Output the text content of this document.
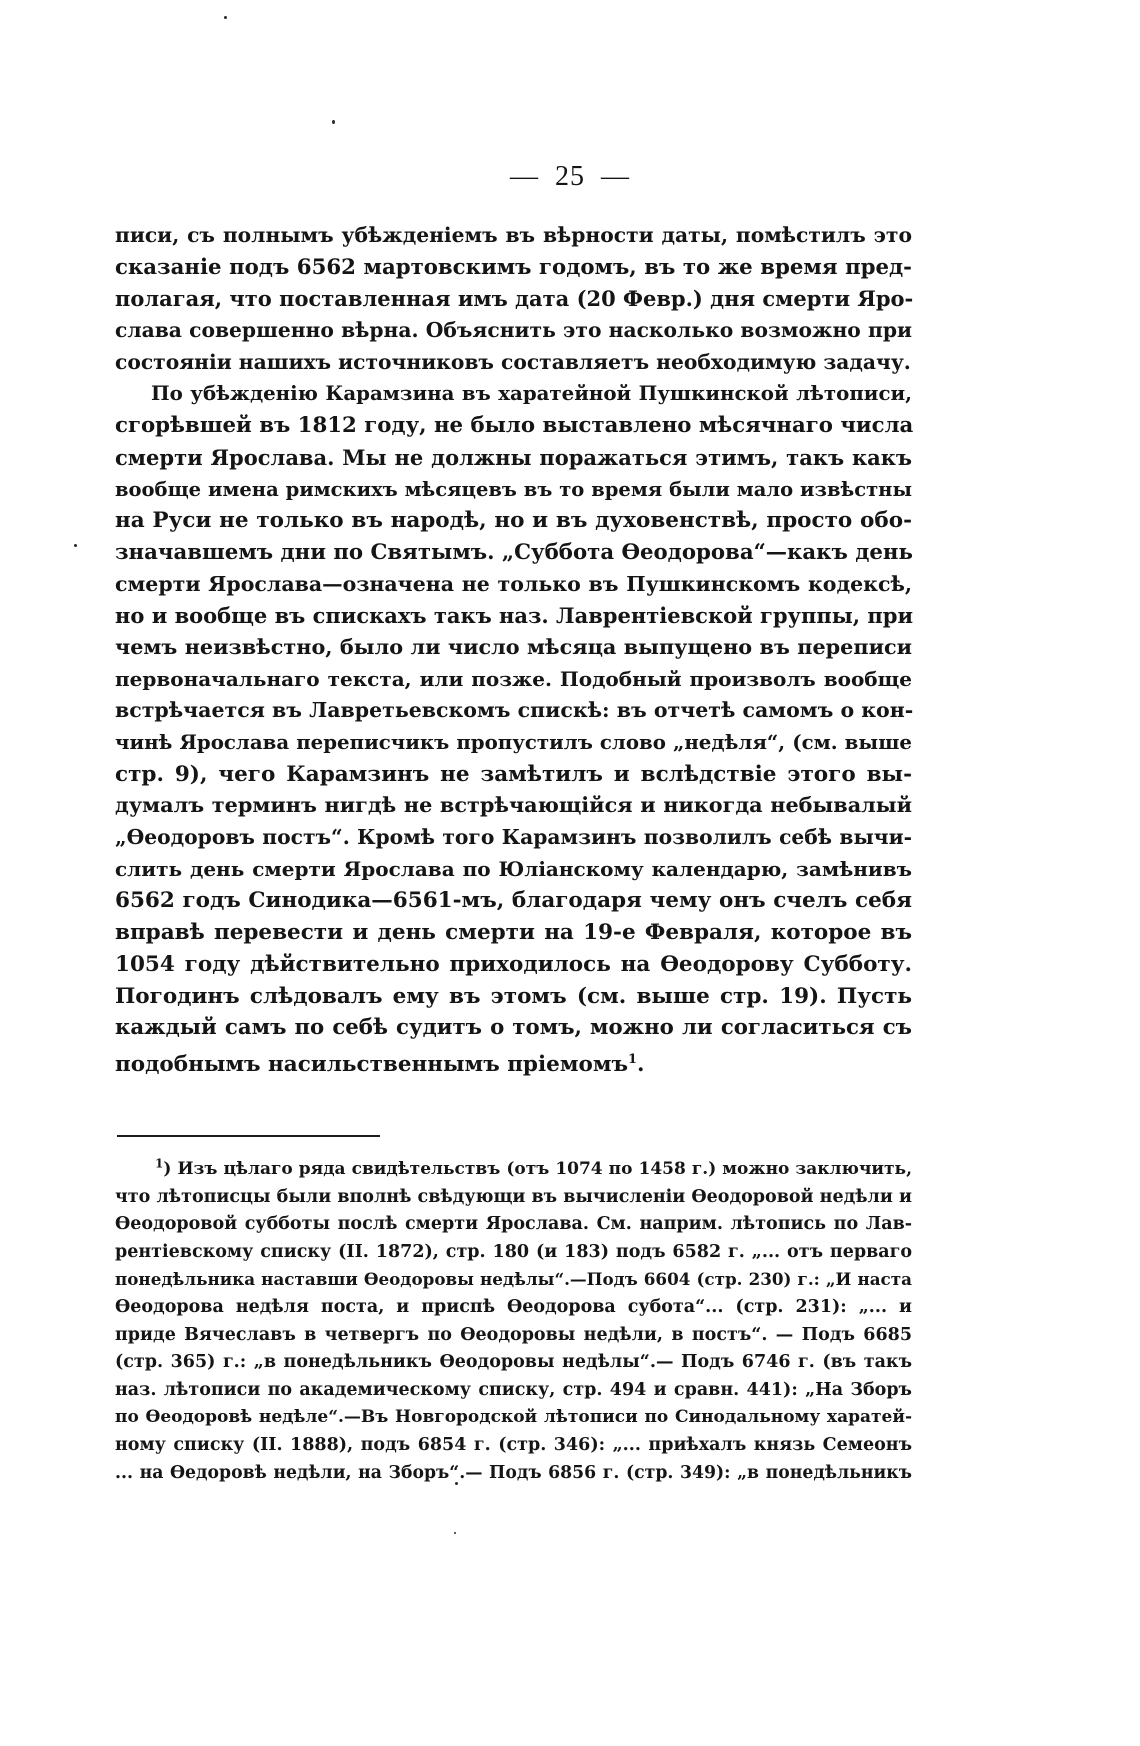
— 25 —
писи, съ полнымъ убѣжденіемъ въ вѣрности даты, помѣстилъ это
сказаніе подъ 6562 мартовскимъ годомъ, въ то же время пред-
полагая, что поставленная имъ дата (20 Февр.) дня смерти Яро-
слава совершенно вѣрна. Объяснить это насколько возможно при
состояніи нашихъ источниковъ составляетъ необходимую задачу.
По убѣжденію Карамзина въ харатейной Пушкинской лѣтописи,
сгорѣвшей въ 1812 году, не было выставлено мѣсячнаго числа
смерти Ярослава. Мы не должны поражаться этимъ, такъ какъ
вообще имена римскихъ мѣсяцевъ въ то время были мало извѣстны
на Руси не только въ народѣ, но и въ духовенствѣ, просто обо-
значавшемъ дни по Святымъ. „Суббота Ѳеодорова“—какъ день
смерти Ярослава—означена не только въ Пушкинскомъ кодексѣ,
но и вообще въ спискахъ такъ наз. Лаврентіевской группы, при
чемъ неизвѣстно, было ли число мѣсяца выпущено въ переписи
первоначальнаго текста, или позже. Подобный произволъ вообще
встрѣчается въ Лавретьевскомъ спискѣ: въ отчетѣ самомъ о кон-
чинѣ Ярослава переписчикъ пропустилъ слово „недѣля“, (см. выше
стр. 9), чего Карамзинъ не замѣтилъ и вслѣдствіе этого вы-
думалъ терминъ нигдѣ не встрѣчающійся и никогда небывалый
„Ѳеодоровъ постъ“. Кромѣ того Карамзинъ позволилъ себѣ вычи-
слить день смерти Ярослава по Юліанскому календарю, замѣнивъ
6562 годъ Синодика—6561-мъ, благодаря чему онъ счелъ себя
вправѣ перевести и день смерти на 19-е Февраля, которое въ
1054 году дѣйствительно приходилось на Ѳеодорову Субботу.
Погодинъ слѣдовалъ ему въ этомъ (см. выше стр. 19). Пусть
каждый самъ по себѣ судитъ о томъ, можно ли согласиться съ
подобнымъ насильственнымъ пріемомъ$^1$.
$^1$) Изъ цѣлаго ряда свидѣтельствъ (отъ 1074 по 1458 г.) можно заключить,
что лѣтописцы были вполнѣ свѣдующи въ вычисленіи Ѳеодоровой недѣли и
Ѳеодоровой субботы послѣ смерти Ярослава. См. наприм. лѣтопись по Лав-
рентіевскому списку (II. 1872), стр. 180 (и 183) подъ 6582 г. „... отъ перваго
понедѣльника наставши Ѳеодоровы недѣлы“.—Подъ 6604 (стр. 230) г.: „И наста
Ѳеодорова недѣля поста, и приспѣ Ѳеодорова субота“... (стр. 231): „... и
приде Вячеславъ в четвергъ по Ѳеодоровы недѣли, в постъ“. — Подъ 6685
(стр. 365) г.: „в понедѣльникъ Ѳеодоровы недѣлы“.— Подъ 6746 г. (въ такъ
наз. лѣтописи по академическому списку, стр. 494 и сравн. 441): „На Зборъ
по Ѳеодоровѣ недѣле“.—Въ Новгородской лѣтописи по Синодальному харатей-
ному списку (II. 1888), подъ 6854 г. (стр. 346): „... приѣхалъ князь Семеонъ
... на Ѳедоровѣ недѣли, на Зборъ“.— Подъ 6856 г. (стр. 349): „в понедѣльникъ
